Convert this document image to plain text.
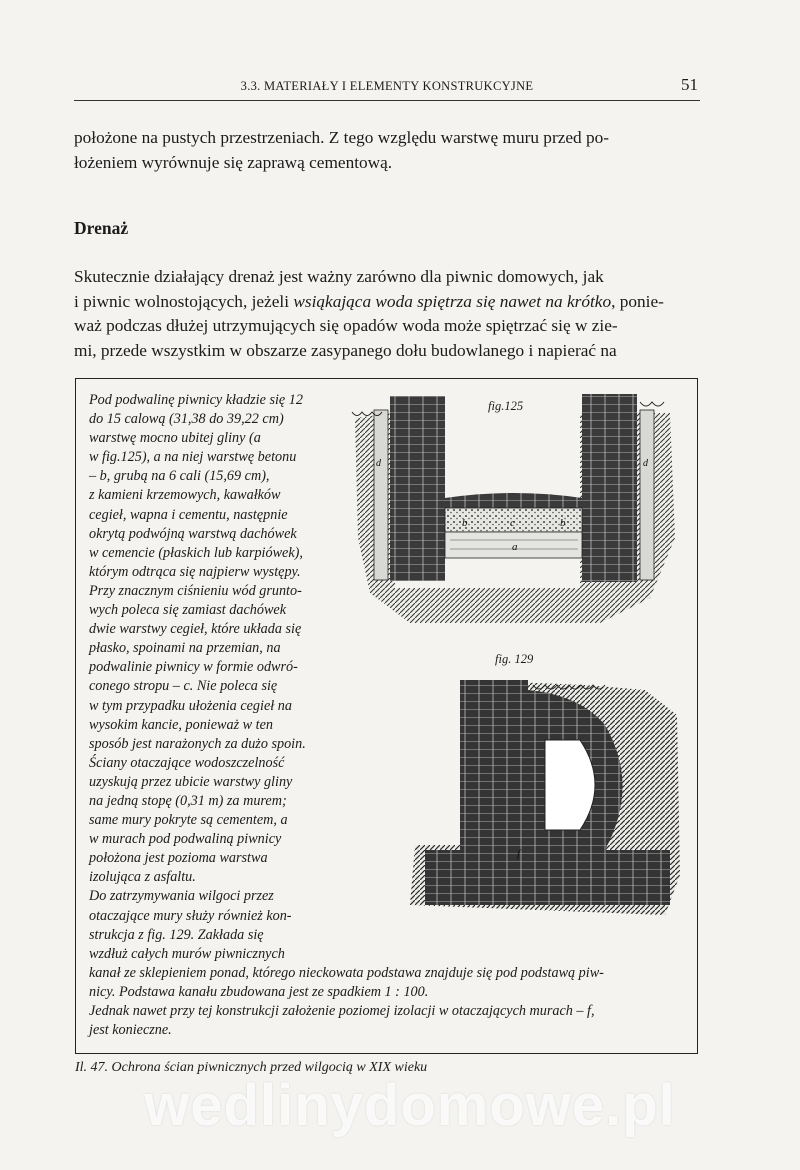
3.3. MATERIAŁY I ELEMENTY KONSTRUKCYJNE	51
położone na pustych przestrzeniach. Z tego względu warstwę muru przed po-
łożeniem wyrównuje się zaprawą cementową.
Drenaż
Skutecznie działający drenaż jest ważny zarówno dla piwnic domowych, jak
i piwnic wolnostojących, jeżeli wsiąkająca woda spiętrza się nawet na krótko, ponie-
waż podczas dłużej utrzymujących się opadów woda może spiętrzać się w zie-
mi, przede wszystkim w obszarze zasypanego dołu budowlanego i napierać na
fig.125
b	c	b
a
d	d
fig. 129
f
Pod podwalinę piwnicy kładzie się 12
do 15 calową (31,38 do 39,22 cm)
warstwę mocno ubitej gliny (a
w fig.125), a na niej warstwę betonu
– b, grubą na 6 cali (15,69 cm),
z kamieni krzemowych, kawałków
cegieł, wapna i cementu, następnie
okrytą podwójną warstwą dachówek
w cemencie (płaskich lub karpiówek),
którym odtrąca się najpierw występy.
Przy znacznym ciśnieniu wód grunto-
wych poleca się zamiast dachówek
dwie warstwy cegieł, które układa się
płasko, spoinami na przemian, na
podwalinie piwnicy w formie odwró-
conego stropu – c. Nie poleca się
w tym przypadku ułożenia cegieł na
wysokim kancie, ponieważ w ten
sposób jest narażonych za dużo spoin.
Ściany otaczające wodoszczelność
uzyskują przez ubicie warstwy gliny
na jedną stopę (0,31 m) za murem;
same mury pokryte są cementem, a
w murach pod podwaliną piwnicy
położona jest pozioma warstwa
izolująca z asfaltu.
Do zatrzymywania wilgoci przez
otaczające mury służy również kon-
strukcja z fig. 129. Zakłada się
wzdłuż całych murów piwnicznych
kanał ze sklepieniem ponad, którego nieckowata podstawa znajduje się pod podstawą piw-
nicy. Podstawa kanału zbudowana jest ze spadkiem 1 : 100.
Jednak nawet przy tej konstrukcji założenie poziomej izolacji w otaczających murach – f,
jest konieczne.
Il. 47. Ochrona ścian piwnicznych przed wilgocią w XIX wieku
wedlinydomowe.pl
